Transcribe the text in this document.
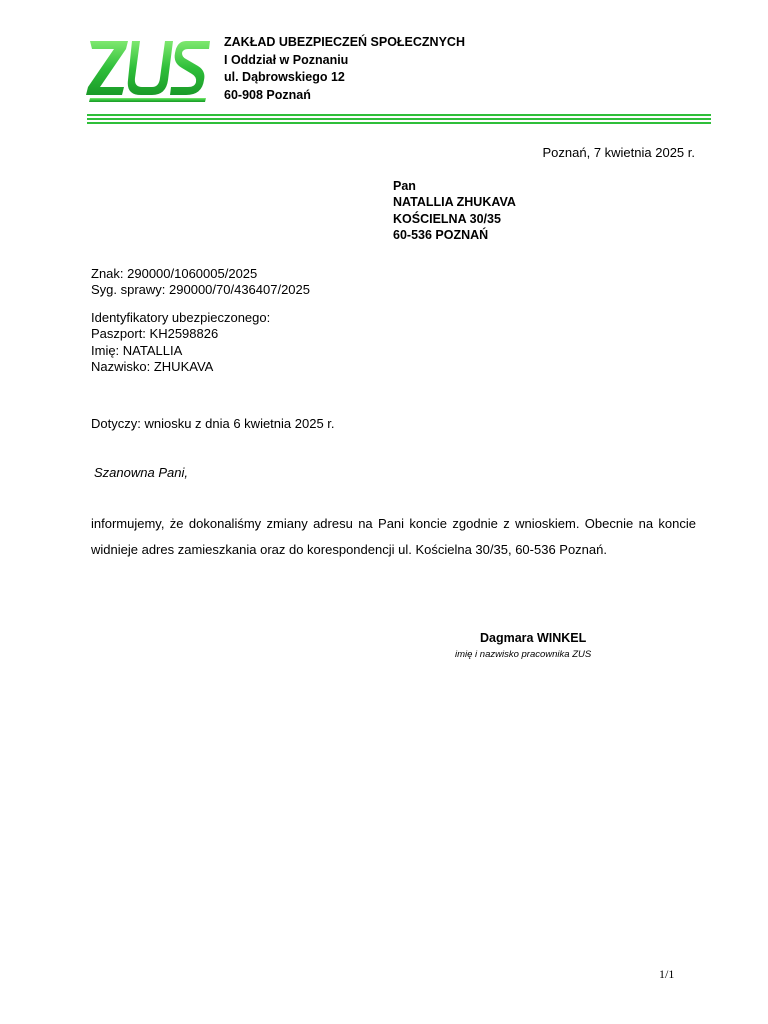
ZAKŁAD UBEZPIECZEŃ SPOŁECZNYCH
I Oddział w Poznaniu
ul. Dąbrowskiego 12
60-908 Poznań
Poznań, 7 kwietnia 2025 r.
Pan
NATALLIA ZHUKAVA
KOŚCIELNA 30/35
60-536 POZNAŃ
Znak: 290000/1060005/2025
Syg. sprawy: 290000/70/436407/2025
Identyfikatory ubezpieczonego:
Paszport: KH2598826
Imię: NATALLIA
Nazwisko: ZHUKAVA
Dotyczy: wniosku z dnia 6 kwietnia 2025 r.
Szanowna Pani,
informujemy, że dokonaliśmy zmiany adresu na Pani koncie zgodnie z wnioskiem. Obecnie na koncie widnieje adres zamieszkania oraz do korespondencji ul. Kościelna 30/35, 60-536 Poznań.
Dagmara WINKEL
imię i nazwisko pracownika ZUS
1/1
